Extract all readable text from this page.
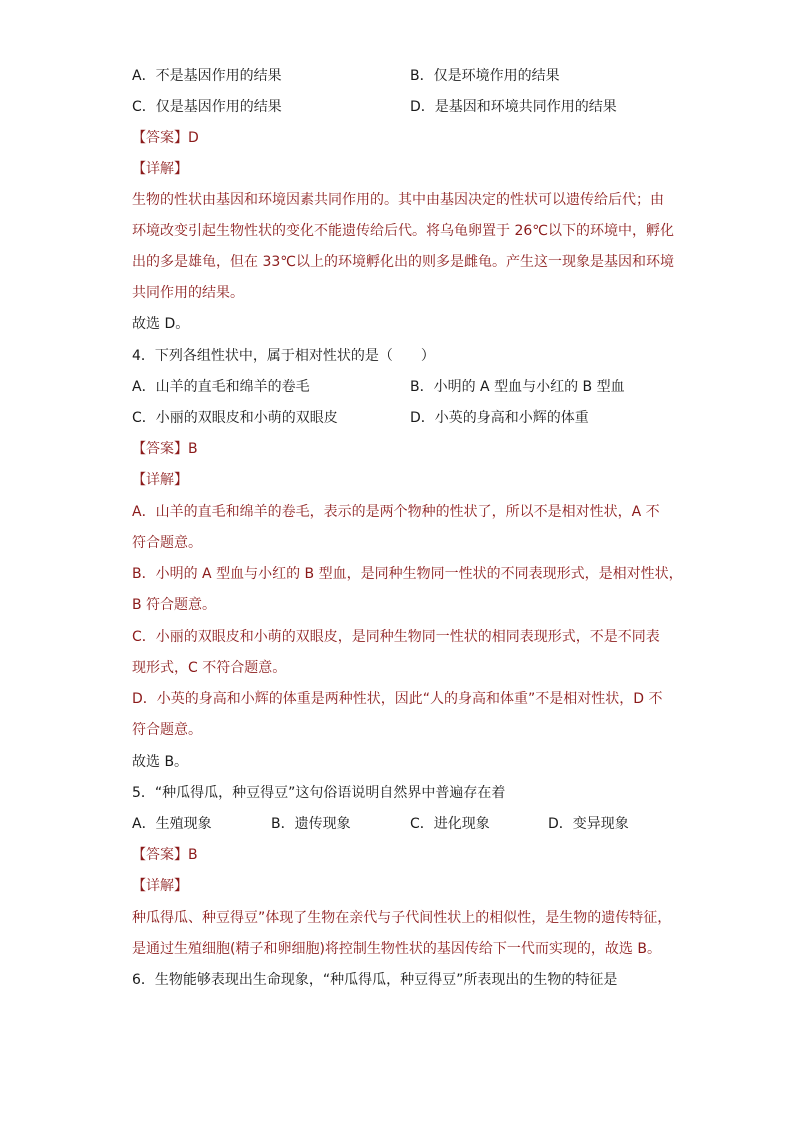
A．不是基因作用的结果	B．仅是环境作用的结果
C．仅是基因作用的结果	D．是基因和环境共同作用的结果
【答案】D
【详解】
生物的性状由基因和环境因素共同作用的。其中由基因决定的性状可以遗传给后代；由
环境改变引起生物性状的变化不能遗传给后代。将乌龟卵置于 26℃以下的环境中，孵化
出的多是雄龟，但在 33℃以上的环境孵化出的则多是雌龟。产生这一现象是基因和环境
共同作用的结果。
故选 D。
4．下列各组性状中，属于相对性状的是（　　）
A．山羊的直毛和绵羊的卷毛	B．小明的 A 型血与小红的 B 型血
C．小丽的双眼皮和小萌的双眼皮	D．小英的身高和小辉的体重
【答案】B
【详解】
A．山羊的直毛和绵羊的卷毛，表示的是两个物种的性状了，所以不是相对性状，A 不
符合题意。
B．小明的 A 型血与小红的 B 型血，是同种生物同一性状的不同表现形式，是相对性状，
B 符合题意。
C．小丽的双眼皮和小萌的双眼皮，是同种生物同一性状的相同表现形式，不是不同表
现形式，C 不符合题意。
D．小英的身高和小辉的体重是两种性状，因此“人的身高和体重”不是相对性状，D 不
符合题意。
故选 B。
5．“种瓜得瓜，种豆得豆”这句俗语说明自然界中普遍存在着
A．生殖现象	B．遗传现象	C．进化现象	D．变异现象
【答案】B
【详解】
种瓜得瓜、种豆得豆”体现了生物在亲代与子代间性状上的相似性，是生物的遗传特征，
是通过生殖细胞(精子和卵细胞)将控制生物性状的基因传给下一代而实现的，故选 B。
6．生物能够表现出生命现象，“种瓜得瓜，种豆得豆”所表现出的生物的特征是
